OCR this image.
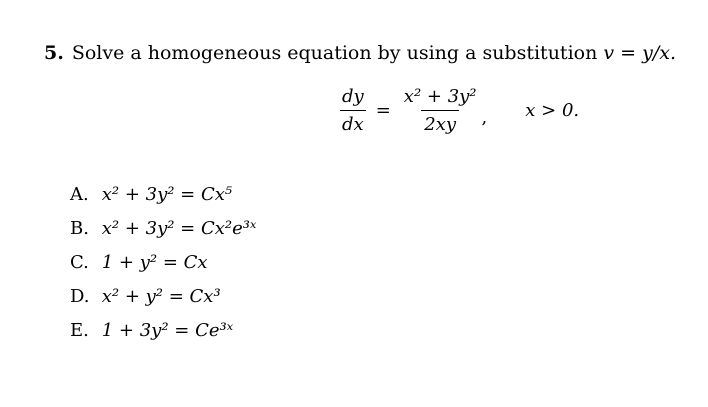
5. Solve a homogeneous equation by using a substitution v = y/x.
$\frac{dy}{dx} = \frac{\text{x² + 3y²}}{2xy}$ , x > 0.
A. x² + 3y² = Cx⁵
B. x² + 3y² = Cx²e³ˣ
C. 1 + y² = Cx
D. x² + y² = Cx³
E. 1 + 3y² = Ce³ˣ
